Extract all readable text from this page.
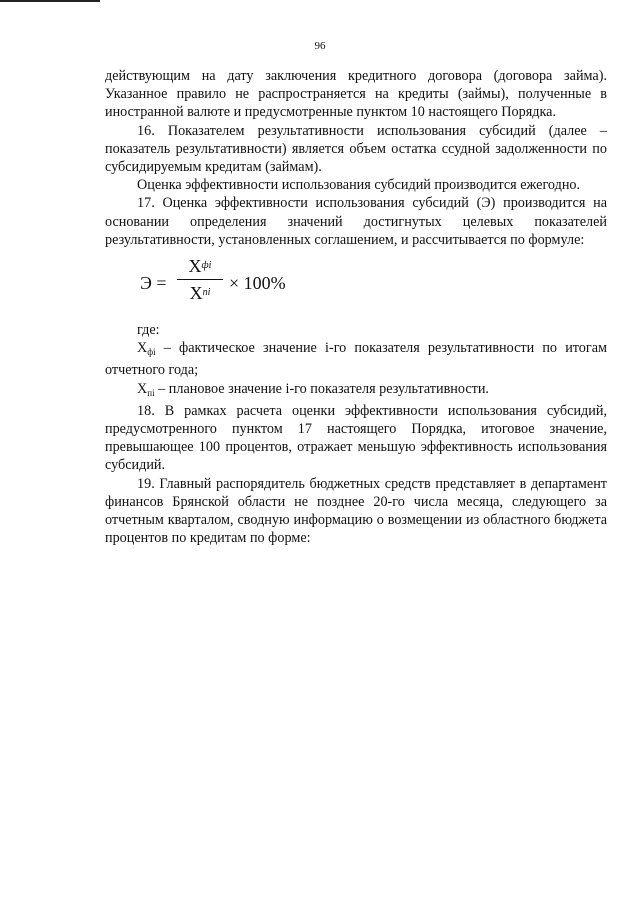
96

действующим на дату заключения кредитного договора (договора займа). Указанное правило не распространяется на кредиты (займы), полученные в иностранной валюте и предусмотренные пунктом 10 настоящего Порядка.

16. Показателем результативности использования субсидий (далее – показатель результативности) является объем остатка ссудной задолженности по субсидируемым кредитам (займам).

Оценка эффективности использования субсидий производится ежегодно.

17. Оценка эффективности использования субсидий (Э) производится на основании определения значений достигнутых целевых показателей результативности, установленных соглашением, и рассчитывается по формуле:

Э =
$X^{фi}$
$X^{пi}$	× 100%

где:

$X_{фi}$ – фактическое значение i-го показателя результативности по итогам отчетного года;

$X_{пi}$ – плановое значение i-го показателя результативности.

18. В рамках расчета оценки эффективности использования субсидий, предусмотренного пунктом 17 настоящего Порядка, итоговое значение, превышающее 100 процентов, отражает меньшую эффективность использования субсидий.

19. Главный распорядитель бюджетных средств представляет в департамент финансов Брянской области не позднее 20-го числа месяца, следующего за отчетным кварталом, сводную информацию о возмещении из областного бюджета процентов по кредитам по форме:
